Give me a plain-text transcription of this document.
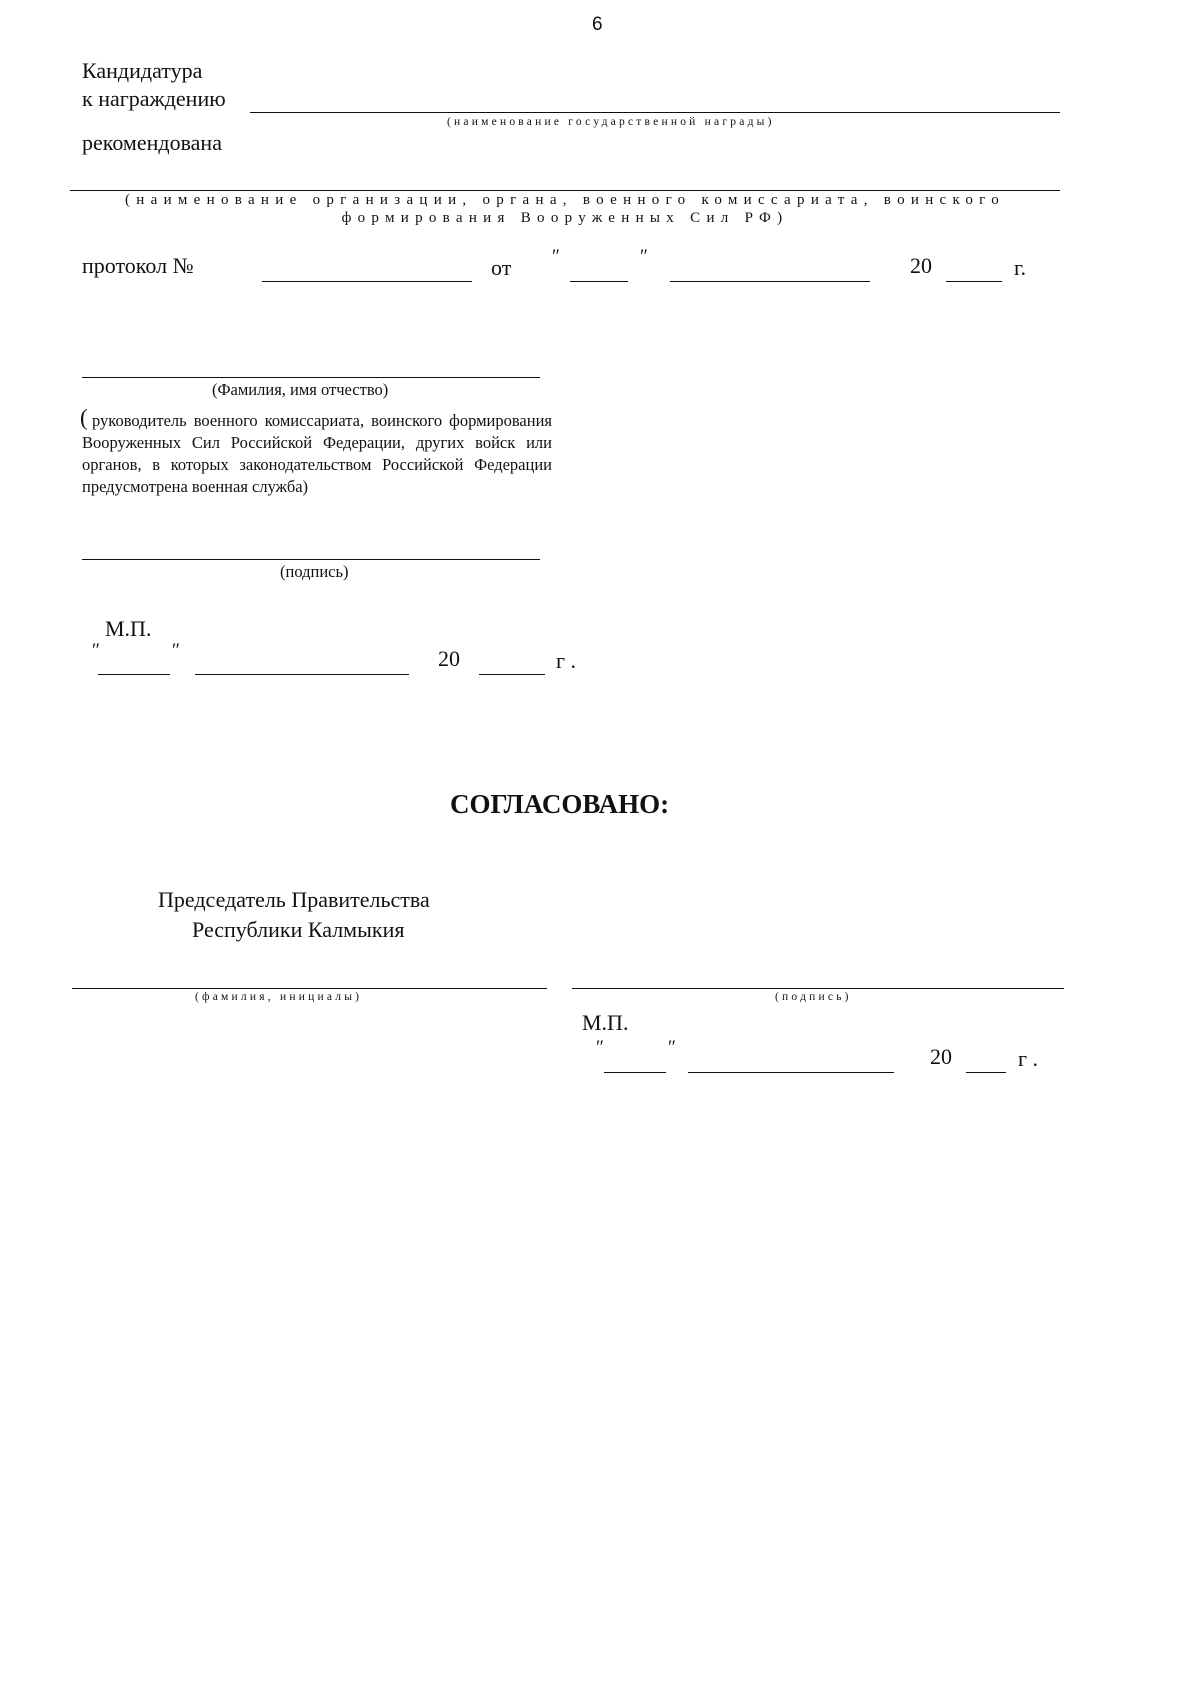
6
Кандидатура
к награждению
(наименование государственной награды)
рекомендована
(наименование организации, органа, военного комиссариата, воинского
формирования Вооруженных Сил РФ)
протокол №	от ″	″	20	г.
(Фамилия, имя отчество)
( руководитель военного комиссариата, воинского формирования Вооруженных Сил Российской Федерации, других войск или органов, в которых законодательством Российской Федерации предусмотрена военная служба)
(подпись)
М.П.
″	″	20	г .
СОГЛАСОВАНО:
Председатель Правительства
Республики Калмыкия
(фамилия, инициалы)	(подпись)
М.П.
″	″	20	г .
